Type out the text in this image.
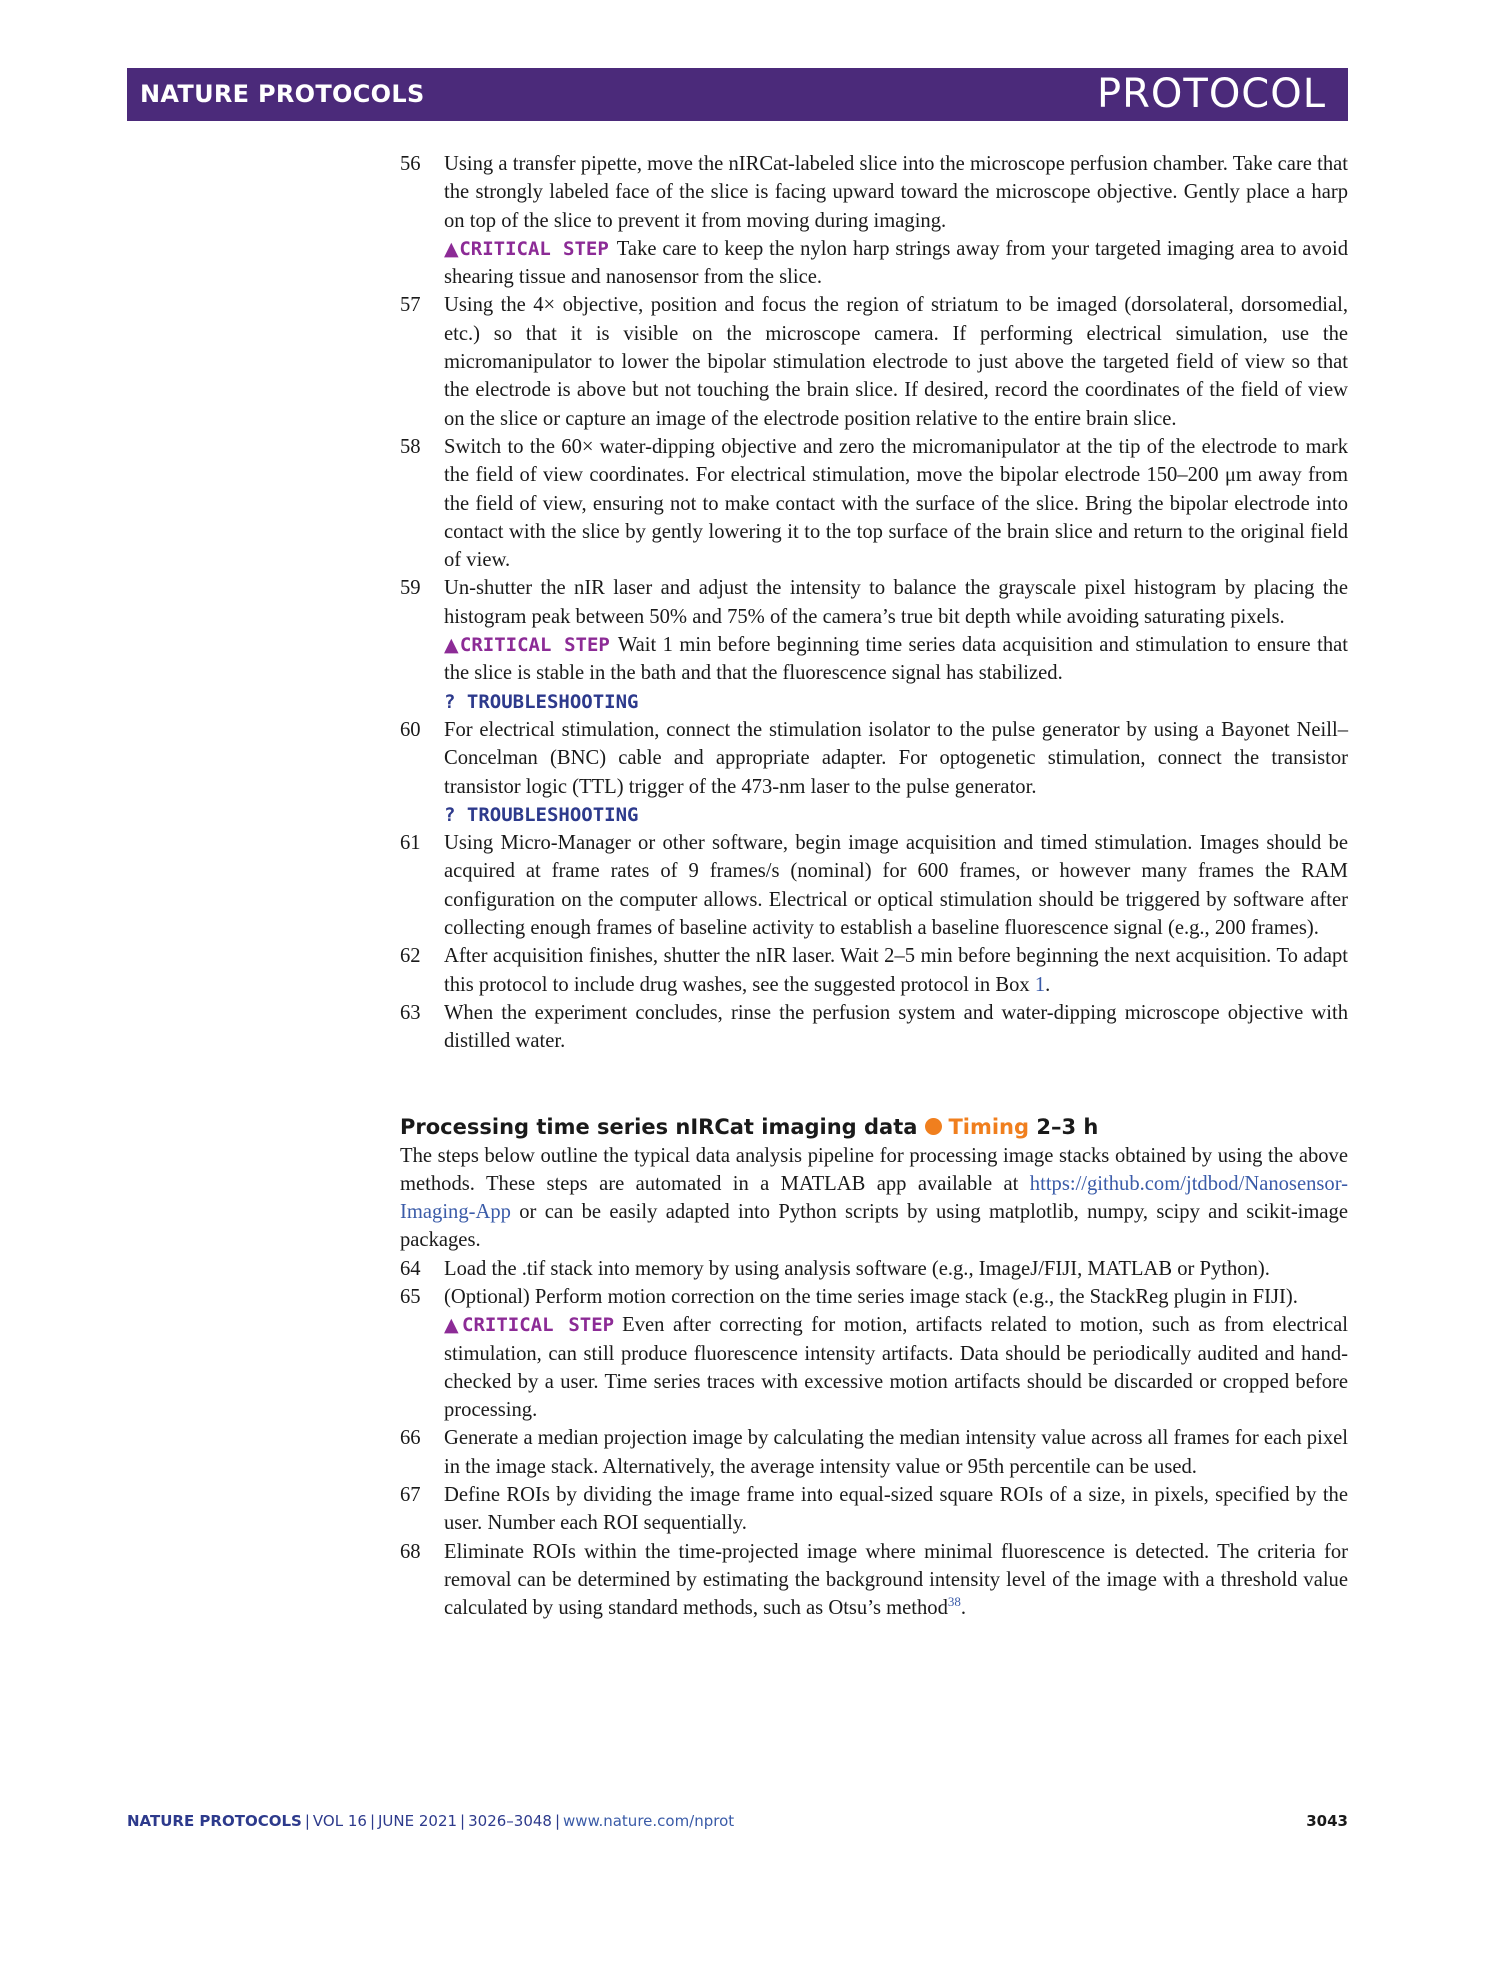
NATURE PROTOCOLS	PROTOCOL
56 Using a transfer pipette, move the nIRCat-labeled slice into the microscope perfusion chamber. Take care that the strongly labeled face of the slice is facing upward toward the microscope objective. Gently place a harp on top of the slice to prevent it from moving during imaging.
▲CRITICAL STEP Take care to keep the nylon harp strings away from your targeted imaging area to avoid shearing tissue and nanosensor from the slice.
57 Using the 4× objective, position and focus the region of striatum to be imaged (dorsolateral, dorsomedial, etc.) so that it is visible on the microscope camera. If performing electrical simulation, use the micromanipulator to lower the bipolar stimulation electrode to just above the targeted field of view so that the electrode is above but not touching the brain slice. If desired, record the coordinates of the field of view on the slice or capture an image of the electrode position relative to the entire brain slice.
58 Switch to the 60× water-dipping objective and zero the micromanipulator at the tip of the electrode to mark the field of view coordinates. For electrical stimulation, move the bipolar electrode 150–200 μm away from the field of view, ensuring not to make contact with the surface of the slice. Bring the bipolar electrode into contact with the slice by gently lowering it to the top surface of the brain slice and return to the original field of view.
59 Un-shutter the nIR laser and adjust the intensity to balance the grayscale pixel histogram by placing the histogram peak between 50% and 75% of the camera’s true bit depth while avoiding saturating pixels.
▲CRITICAL STEP Wait 1 min before beginning time series data acquisition and stimulation to ensure that the slice is stable in the bath and that the fluorescence signal has stabilized.
? TROUBLESHOOTING
60 For electrical stimulation, connect the stimulation isolator to the pulse generator by using a Bayonet Neill–Concelman (BNC) cable and appropriate adapter. For optogenetic stimulation, connect the transistor transistor logic (TTL) trigger of the 473-nm laser to the pulse generator.
? TROUBLESHOOTING
61 Using Micro-Manager or other software, begin image acquisition and timed stimulation. Images should be acquired at frame rates of 9 frames/s (nominal) for 600 frames, or however many frames the RAM configuration on the computer allows. Electrical or optical stimulation should be triggered by software after collecting enough frames of baseline activity to establish a baseline fluorescence signal (e.g., 200 frames).
62 After acquisition finishes, shutter the nIR laser. Wait 2–5 min before beginning the next acquisition. To adapt this protocol to include drug washes, see the suggested protocol in Box 1.
63 When the experiment concludes, rinse the perfusion system and water-dipping microscope objective with distilled water.
Processing time series nIRCat imaging data Timing 2–3 h
The steps below outline the typical data analysis pipeline for processing image stacks obtained by using the above methods. These steps are automated in a MATLAB app available at https://github.com/jtdbod/Nanosensor-Imaging-App or can be easily adapted into Python scripts by using matplotlib, numpy, scipy and scikit-image packages.
64 Load the .tif stack into memory by using analysis software (e.g., ImageJ/FIJI, MATLAB or Python).
65 (Optional) Perform motion correction on the time series image stack (e.g., the StackReg plugin in FIJI).
▲CRITICAL STEP Even after correcting for motion, artifacts related to motion, such as from electrical stimulation, can still produce fluorescence intensity artifacts. Data should be periodically audited and hand-checked by a user. Time series traces with excessive motion artifacts should be discarded or cropped before processing.
66 Generate a median projection image by calculating the median intensity value across all frames for each pixel in the image stack. Alternatively, the average intensity value or 95th percentile can be used.
67 Define ROIs by dividing the image frame into equal-sized square ROIs of a size, in pixels, specified by the user. Number each ROI sequentially.
68 Eliminate ROIs within the time-projected image where minimal fluorescence is detected. The criteria for removal can be determined by estimating the background intensity level of the image with a threshold value calculated by using standard methods, such as Otsu’s method$^{38}$.
NATURE PROTOCOLS | VOL 16 | JUNE 2021 | 3026–3048 | www.nature.com/nprot	3043
